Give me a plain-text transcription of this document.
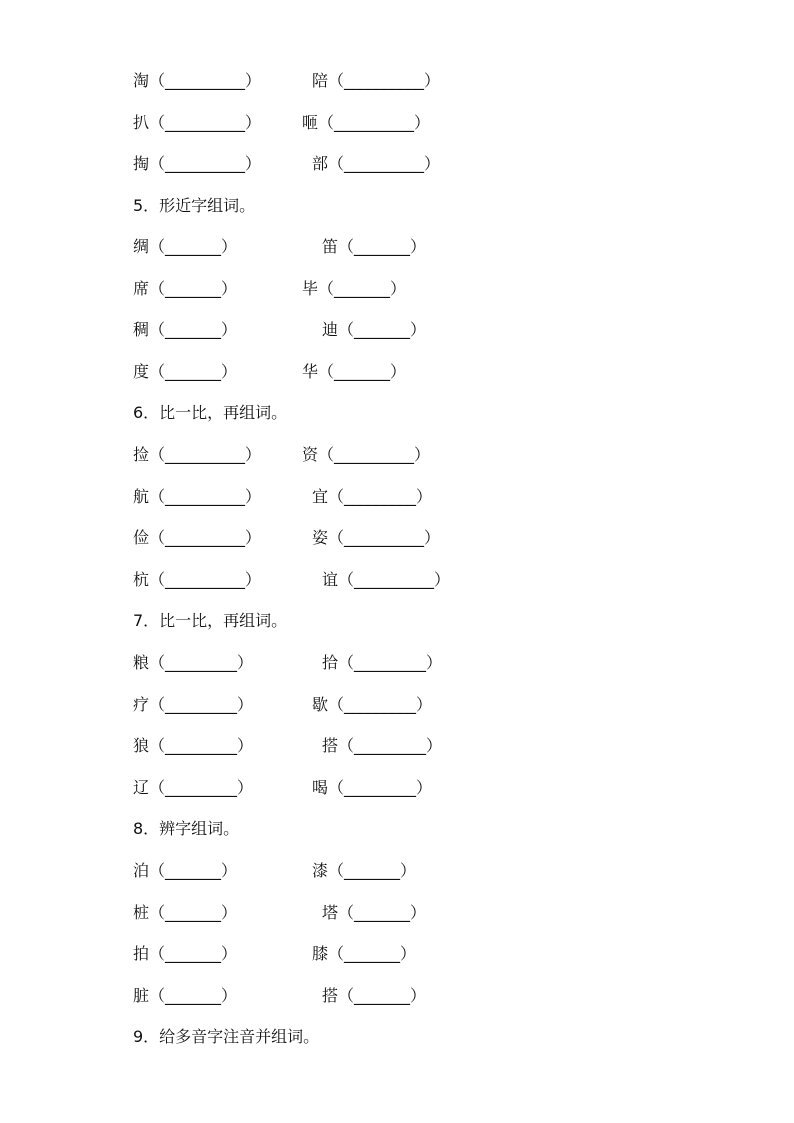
淘（__________）	陪（__________）
扒（__________）	咂（__________）
掏（__________）	部（__________）
5．形近字组词。
绸（_______）	笛（_______）
席（_______）	毕（_______）
稠（_______）	迪（_______）
度（_______）	华（_______）
6．比一比，再组词。
捡（__________）	资（__________）
航（__________）	宜（_________）
俭（__________）	姿（__________）
杭（__________）	谊（__________）
7．比一比，再组词。
粮（_________）	拾（_________）
疗（_________）	歇（_________）
狼（_________）	搭（_________）
辽（_________）	喝（_________）
8．辨字组词。
泊（_______）	漆（_______）
桩（_______）	塔（_______）
拍（_______）	膝（_______）
脏（_______）	搭（_______）
9．给多音字注音并组词。
